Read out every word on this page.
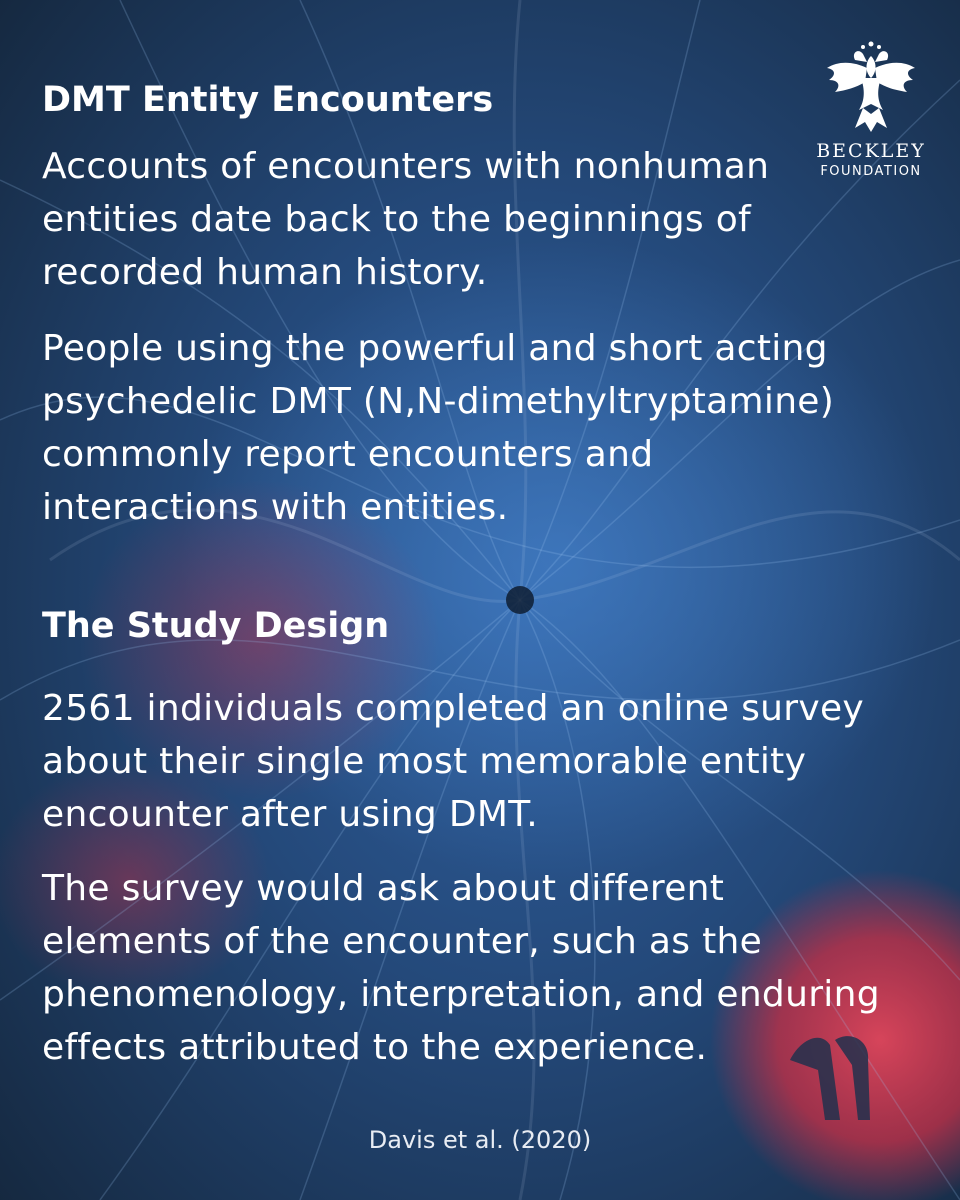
BECKLEY
FOUNDATION
DMT Entity Encounters

Accounts of encounters with nonhuman entities date back to the beginnings of recorded human history.

People using the powerful and short acting psychedelic DMT (N,N-dimethyltryptamine) commonly report encounters and interactions with entities.

The Study Design

2561 individuals completed an online survey about their single most memorable entity encounter after using DMT.

The survey would ask about different elements of the encounter, such as the phenomenology, interpretation, and enduring effects attributed to the experience.

Davis et al. (2020)
